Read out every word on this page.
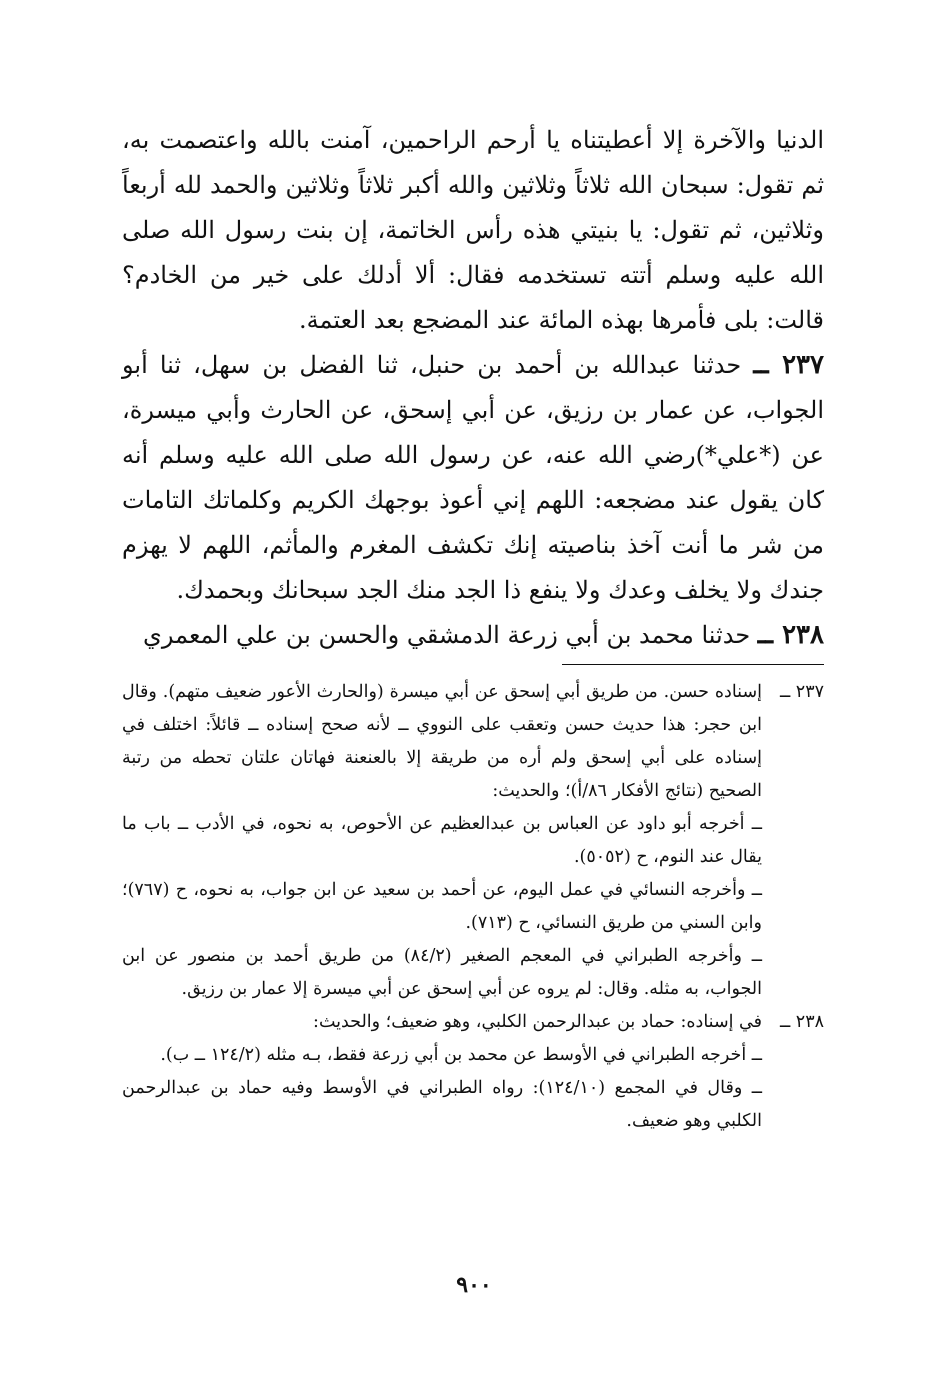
الدنيا والآخرة إلا أعطيتناه يا أرحم الراحمين، آمنت بالله واعتصمت به، ثم تقول: سبحان الله ثلاثاً وثلاثين والله أكبر ثلاثاً وثلاثين والحمد لله أربعاً وثلاثين، ثم تقول: يا بنيتي هذه رأس الخاتمة، إن بنت رسول الله صلى الله عليه وسلم أتته تستخدمه فقال: ألا أدلك على خير من الخادم؟ قالت: بلى فأمرها بهذه المائة عند المضجع بعد العتمة.

٢٣٧ ــ حدثنا عبدالله بن أحمد بن حنبل، ثنا الفضل بن سهل، ثنا أبو الجواب، عن عمار بن رزيق، عن أبي إسحق، عن الحارث وأبي ميسرة، عن (*علي*)رضي الله عنه، عن رسول الله صلى الله عليه وسلم أنه كان يقول عند مضجعه: اللهم إني أعوذ بوجهك الكريم وكلماتك التامات من شر ما أنت آخذ بناصيته إنك تكشف المغرم والمأثم، اللهم لا يهزم جندك ولا يخلف وعدك ولا ينفع ذا الجد منك الجد سبحانك وبحمدك.

٢٣٨ ــ حدثنا محمد بن أبي زرعة الدمشقي والحسن بن علي المعمري

٢٣٧ ــ

إسناده حسن. من طريق أبي إسحق عن أبي ميسرة (والحارث الأعور ضعيف متهم). وقال ابن حجر: هذا حديث حسن وتعقب على النووي ــ لأنه صحح إسناده ــ قائلاً: اختلف في إسناده على أبي إسحق ولم أره من طريقة إلا بالعنعنة فهاتان علتان تحطه من رتبة الصحيح (نتائج الأفكار ٨٦/أ)؛ والحديث:

ــ أخرجه أبو داود عن العباس بن عبدالعظيم عن الأحوص، به نحوه، في الأدب ــ باب ما يقال عند النوم، ح (٥٠٥٢).

ــ وأخرجه النسائي في عمل اليوم، عن أحمد بن سعيد عن ابن جواب، به نحوه، ح (٧٦٧)؛ وابن السني من طريق النسائي، ح (٧١٣).

ــ وأخرجه الطبراني في المعجم الصغير (٨٤/٢) من طريق أحمد بن منصور عن ابن الجواب، به مثله. وقال: لم يروه عن أبي إسحق عن أبي ميسرة إلا عمار بن رزيق.

٢٣٨ ــ

في إسناده: حماد بن عبدالرحمن الكلبي، وهو ضعيف؛ والحديث:

ــ أخرجه الطبراني في الأوسط عن محمد بن أبي زرعة فقط، بـه مثله (١٢٤/٢ ــ ب).

ــ وقال في المجمع (١٢٤/١٠): رواه الطبراني في الأوسط وفيه حماد بن عبدالرحمن الكلبي وهو ضعيف.

٩٠٠
